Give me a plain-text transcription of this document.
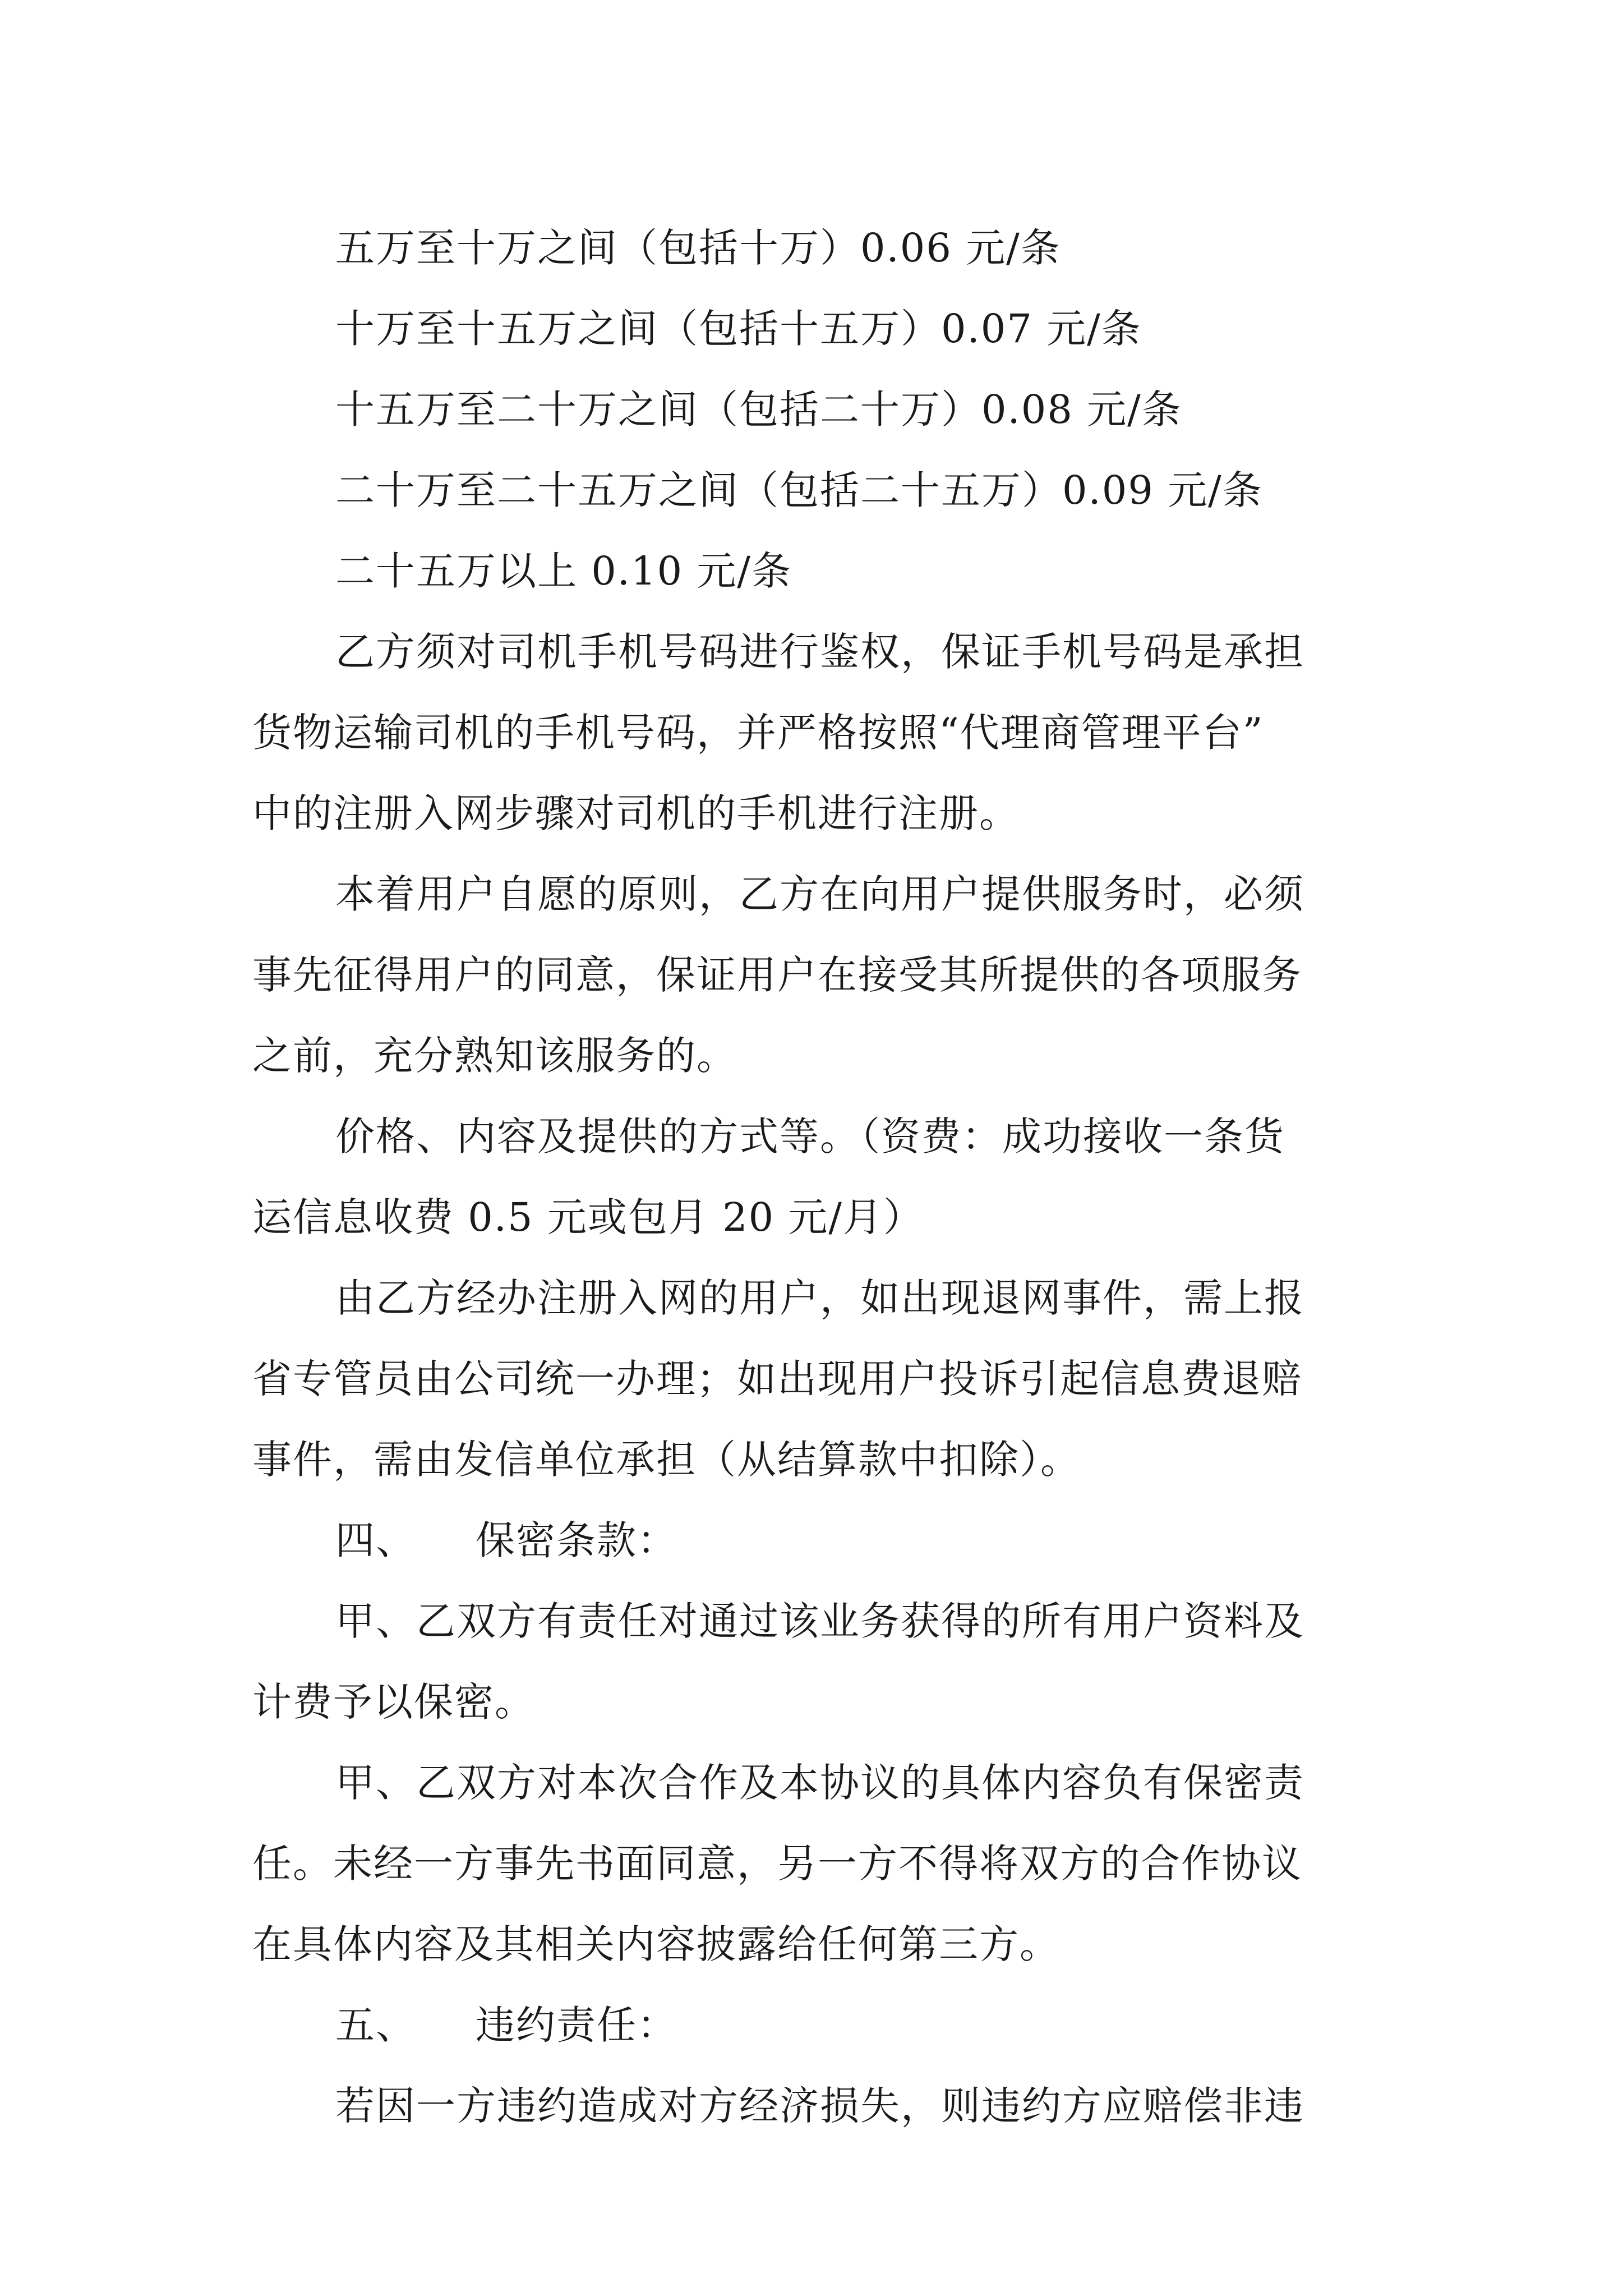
五万至十万之间（包括十万）0.06 元/条
十万至十五万之间（包括十五万）0.07 元/条
十五万至二十万之间（包括二十万）0.08 元/条
二十万至二十五万之间（包括二十五万）0.09 元/条
二十五万以上 0.10 元/条
乙方须对司机手机号码进行鉴权，保证手机号码是承担
货物运输司机的手机号码，并严格按照“代理商管理平台”
中的注册入网步骤对司机的手机进行注册。
本着用户自愿的原则，乙方在向用户提供服务时，必须
事先征得用户的同意，保证用户在接受其所提供的各项服务
之前，充分熟知该服务的。
价格、内容及提供的方式等。（资费：成功接收一条货
运信息收费 0.5 元或包月 20 元/月）
由乙方经办注册入网的用户，如出现退网事件，需上报
省专管员由公司统一办理；如出现用户投诉引起信息费退赔
事件，需由发信单位承担（从结算款中扣除）。
四、 保密条款：
甲、乙双方有责任对通过该业务获得的所有用户资料及
计费予以保密。
甲、乙双方对本次合作及本协议的具体内容负有保密责
任。未经一方事先书面同意，另一方不得将双方的合作协议
在具体内容及其相关内容披露给任何第三方。
五、 违约责任：
若因一方违约造成对方经济损失，则违约方应赔偿非违
